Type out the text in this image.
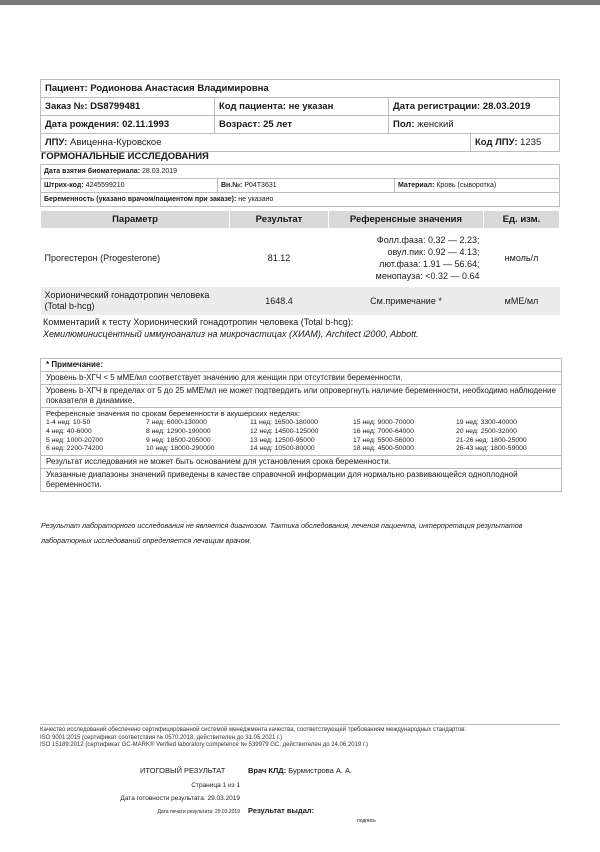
Пациент: Родионова Анастасия Владимировна			
Заказ №: DS8799481	Код пациента: не указан	Дата регистрации: 28.03.2019	
Дата рождения: 02.11.1993	Возраст: 25 лет	Пол: женский	
ЛПУ: Авиценна-Куровское			Код ЛПУ: 1235
ГОРМОНАЛЬНЫЕ ИССЛЕДОВАНИЯ
Дата взятия биоматериала: 28.03.2019
Штрих-код: 4245599210	Вн.№: P04T3631	Материал: Кровь (сыворотка)
Беременность (указано врачом/пациентом при заказе): не указано
Параметр	Результат	Референсные значения	Ед. изм.
Прогестерон (Progesterone)	81.12	Фолл.фаза: 0.32 — 2.23;
овул.пик: 0.92 — 4.13;
лют.фаза: 1.91 — 56.64;
менопауза: <0.32 — 0.64	нмоль/л
Хорионический гонадотропин человека (Total b-hcg)	1648.4	См.примечание *	мМЕ/мл
Комментарий к тесту Хорионический гонадотропин человека (Total b-hcg):
Хемилюминисцентный иммуноанализ на микрочастицах (ХИАМ), Architect i2000, Abbott.
* Примечание:
Уровень b-ХГЧ < 5 мМЕ/мл соответствует значению для женщин при отсутствии беременности.
Уровень b-ХГЧ в пределах от 5 до 25 мМЕ/мл не может подтвердить или опровергнуть наличие беременности, необходимо наблюдение показателя в динамике.
Референсные значения по срокам беременности в акушерских неделях:
1-4 нед: 10-50	7 нед: 6000-130000	11 нед: 16500-180000	15 нед: 9000-70000	19 нед: 3300-40000
4 нед: 40-6000	8 нед: 12900-190000	12 нед: 14500-125000	16 нед: 7000-64000	20 нед: 2500-32000
5 нед: 1000-20700	9 нед: 18500-205000	13 нед: 12500-95000	17 нед: 5500-56000	21-26 нед: 1800-25000
6 нед: 2200-74200	10 нед: 18000-290000	14 нед: 10500-80000	18 нед: 4500-50000	26-43 нед: 1800-59000
Результат исследования не может быть основанием для установления срока беременности.
Указанные диапазоны значений приведены в качестве справочной информации для нормально развивающейся одноплодной беременности.
Результат лабораторного исследования не является диагнозом. Тактика обследования, лечения пациента, интерпретация результатов лабораторных исследований определяется лечащим врачом.
Качество исследований обеспечено сертифицированной системой менеджмента качества, соответствующей требованиям международных стандартов:
ISO 9001:2015 (сертификат соответствия № 0570.2018, действителен до 31.05.2021 г.)
ISO 15189:2012 (сертификат GC-MARK® Verified laboratory competence № 539979 GC, действителен до 24.06.2019 г.)
ИТОГОВЫЙ РЕЗУЛЬТАТ	Врач КЛД: Бурмистрова А. А.
Страница 1 из 1
Дата готовности результата: 29.03.2019
Дата печати результата: 29.03.2019 Результат выдал:
подпись
